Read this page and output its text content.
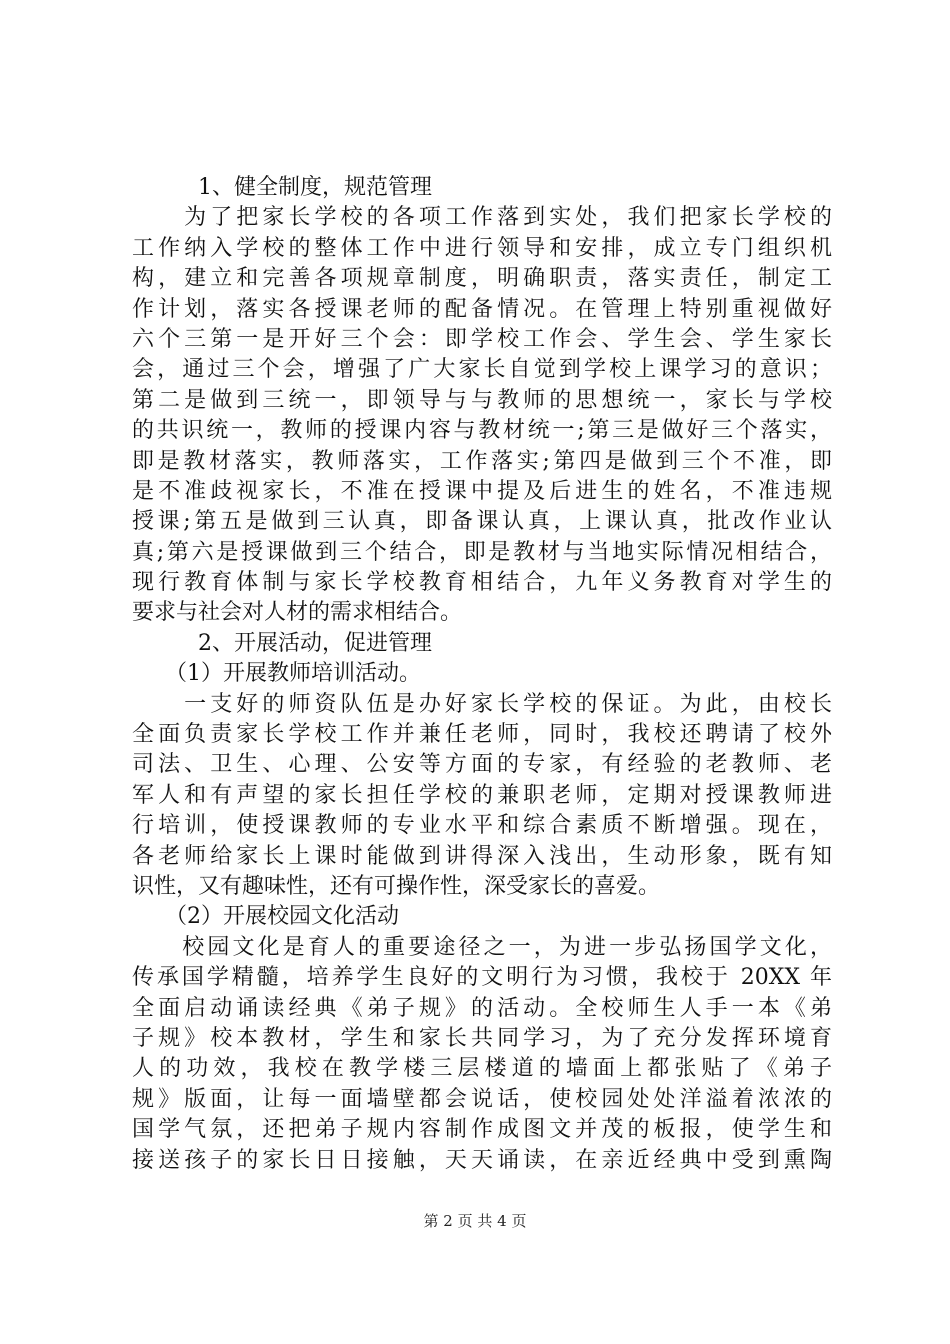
　　　1、健全制度，规范管理
　　为了把家长学校的各项工作落到实处，我们把家长学校的
工作纳入学校的整体工作中进行领导和安排，成立专门组织机
构，建立和完善各项规章制度，明确职责，落实责任，制定工
作计划，落实各授课老师的配备情况。在管理上特别重视做好
六个三第一是开好三个会：即学校工作会、学生会、学生家长
会，通过三个会，增强了广大家长自觉到学校上课学习的意识；
第二是做到三统一，即领导与与教师的思想统一，家长与学校
的共识统一，教师的授课内容与教材统一;第三是做好三个落实，
即是教材落实，教师落实，工作落实;第四是做到三个不准，即
是不准歧视家长，不准在授课中提及后进生的姓名，不准违规
授课;第五是做到三认真，即备课认真，上课认真，批改作业认
真;第六是授课做到三个结合，即是教材与当地实际情况相结合，
现行教育体制与家长学校教育相结合，九年义务教育对学生的
要求与社会对人材的需求相结合。
　　　2、开展活动，促进管理
　　（1）开展教师培训活动。
　　一支好的师资队伍是办好家长学校的保证。为此，由校长
全面负责家长学校工作并兼任老师，同时，我校还聘请了校外
司法、卫生、心理、公安等方面的专家，有经验的老教师、老
军人和有声望的家长担任学校的兼职老师，定期对授课教师进
行培训，使授课教师的专业水平和综合素质不断增强。现在，
各老师给家长上课时能做到讲得深入浅出，生动形象，既有知
识性，又有趣味性，还有可操作性，深受家长的喜爱。
　　（2）开展校园文化活动
　　校园文化是育人的重要途径之一，为进一步弘扬国学文化，
传承国学精髓，培养学生良好的文明行为习惯，我校于 20XX 年
全面启动诵读经典《弟子规》的活动。全校师生人手一本《弟
子规》校本教材，学生和家长共同学习，为了充分发挥环境育
人的功效，我校在教学楼三层楼道的墙面上都张贴了《弟子
规》版面，让每一面墙壁都会说话，使校园处处洋溢着浓浓的
国学气氛，还把弟子规内容制作成图文并茂的板报，使学生和
接送孩子的家长日日接触，天天诵读，在亲近经典中受到熏陶
第 2 页 共 4 页
